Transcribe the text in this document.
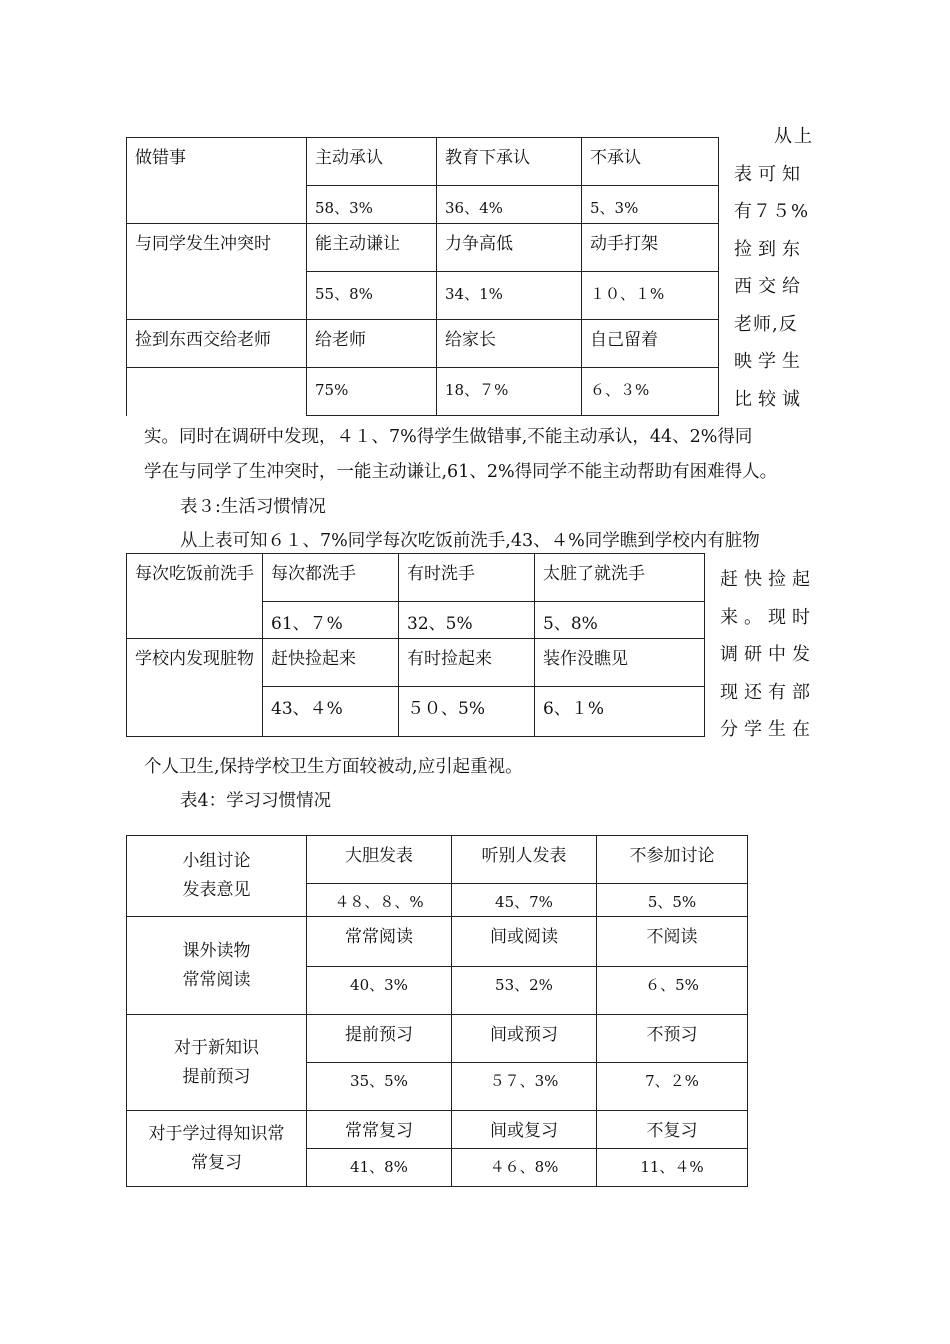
做错事	主动承认	教育下承认	不承认
	58、3%	36、4%	5、3%
与同学发生冲突时	能主动谦让	力争高低	动手打架
	55、8%	34、1%	１０、１%
捡到东西交给老师	给老师	给家长	自己留着
	75%	18、７%	６、３%
从上
表可知
有７５%
捡到东
西交给
老师,反
映学生
比较诚
实。同时在调研中发现，４１、7%得学生做错事,不能主动承认，44、2%得同
学在与同学了生冲突时，一能主动谦让,61、2%得同学不能主动帮助有困难得人。
表３:生活习惯情况
从上表可知６１、7%同学每次吃饭前洗手,43、４%同学瞧到学校内有脏物
每次吃饭前洗手	每次都洗手	有时洗手	太脏了就洗手
	61、７%	32、5%	5、8%
学校内发现脏物	赶快捡起来	有时捡起来	装作没瞧见
	43、４%	５０、5%	6、１%
赶快捡起
来。现时
调研中发
现还有部
分学生在
个人卫生,保持学校卫生方面较被动,应引起重视。
表4：学习习惯情况
小组讨论
发表意见	大胆发表	听别人发表	不参加讨论
	４８、８、%	45、7%	5、5%

课外读物
常常阅读	常常阅读	间或阅读	不阅读
	40、3%	53、2%	６、5%

对于新知识
提前预习	提前预习	间或预习	不预习
	35、5%	５７、3%	7、２%

对于学过得知识常
常复习	常常复习	间或复习	不复习
	41、8%	４６、8%	11、４%
